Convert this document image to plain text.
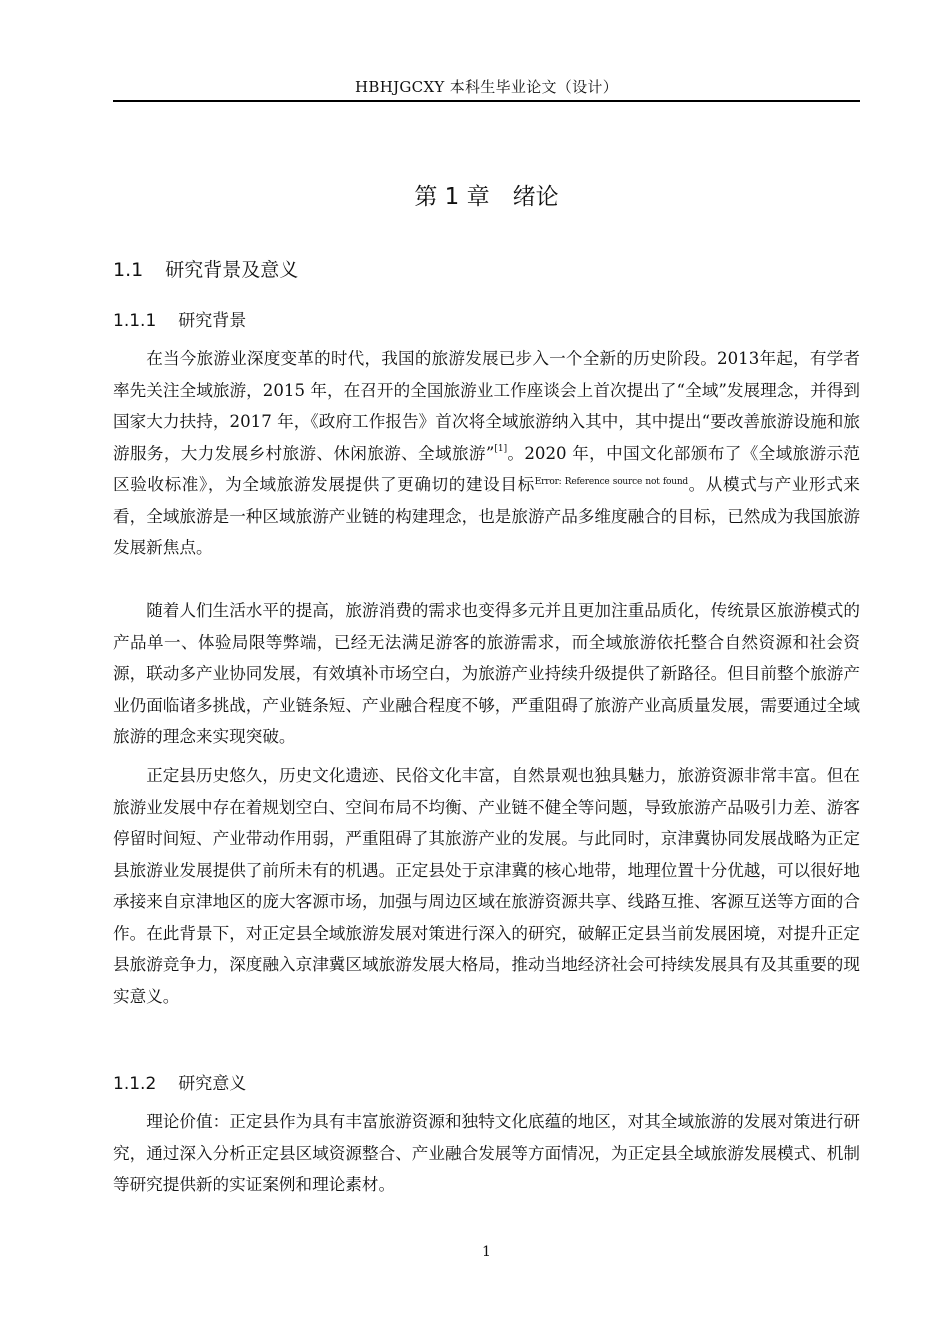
HBHJGCXY 本科生毕业论文（设计）
第 1 章　绪论
1.1 研究背景及意义
1.1.1 研究背景

在当今旅游业深度变革的时代，我国的旅游发展已步入一个全新的历史阶段。2013年起，有学者率先关注全域旅游，2015 年，在召开的全国旅游业工作座谈会上首次提出了“全域”发展理念，并得到国家大力扶持，2017 年，《政府工作报告》首次将全域旅游纳入其中，其中提出“要改善旅游设施和旅游服务，大力发展乡村旅游、休闲旅游、全域旅游”[1]。2020 年，中国文化部颁布了《全域旅游示范区验收标准》，为全域旅游发展提供了更确切的建设目标$^{Error: Reference source not found}$。从模式与产业形式来看，全域旅游是一种区域旅游产业链的构建理念，也是旅游产品多维度融合的目标，已然成为我国旅游发展新焦点。

随着人们生活水平的提高，旅游消费的需求也变得多元并且更加注重品质化，传统景区旅游模式的产品单一、体验局限等弊端，已经无法满足游客的旅游需求，而全域旅游依托整合自然资源和社会资源，联动多产业协同发展，有效填补市场空白，为旅游产业持续升级提供了新路径。但目前整个旅游产业仍面临诸多挑战，产业链条短、产业融合程度不够，严重阻碍了旅游产业高质量发展，需要通过全域旅游的理念来实现突破。

正定县历史悠久，历史文化遗迹、民俗文化丰富，自然景观也独具魅力，旅游资源非常丰富。但在旅游业发展中存在着规划空白、空间布局不均衡、产业链不健全等问题，导致旅游产品吸引力差、游客停留时间短、产业带动作用弱，严重阻碍了其旅游产业的发展。与此同时，京津冀协同发展战略为正定县旅游业发展提供了前所未有的机遇。正定县处于京津冀的核心地带，地理位置十分优越，可以很好地承接来自京津地区的庞大客源市场，加强与周边区域在旅游资源共享、线路互推、客源互送等方面的合作。在此背景下，对正定县全域旅游发展对策进行深入的研究，破解正定县当前发展困境，对提升正定县旅游竞争力，深度融入京津冀区域旅游发展大格局，推动当地经济社会可持续发展具有及其重要的现实意义。

1.1.2 研究意义

理论价值：正定县作为具有丰富旅游资源和独特文化底蕴的地区，对其全域旅游的发展对策进行研究，通过深入分析正定县区域资源整合、产业融合发展等方面情况，为正定县全域旅游发展模式、机制等研究提供新的实证案例和理论素材。

1
